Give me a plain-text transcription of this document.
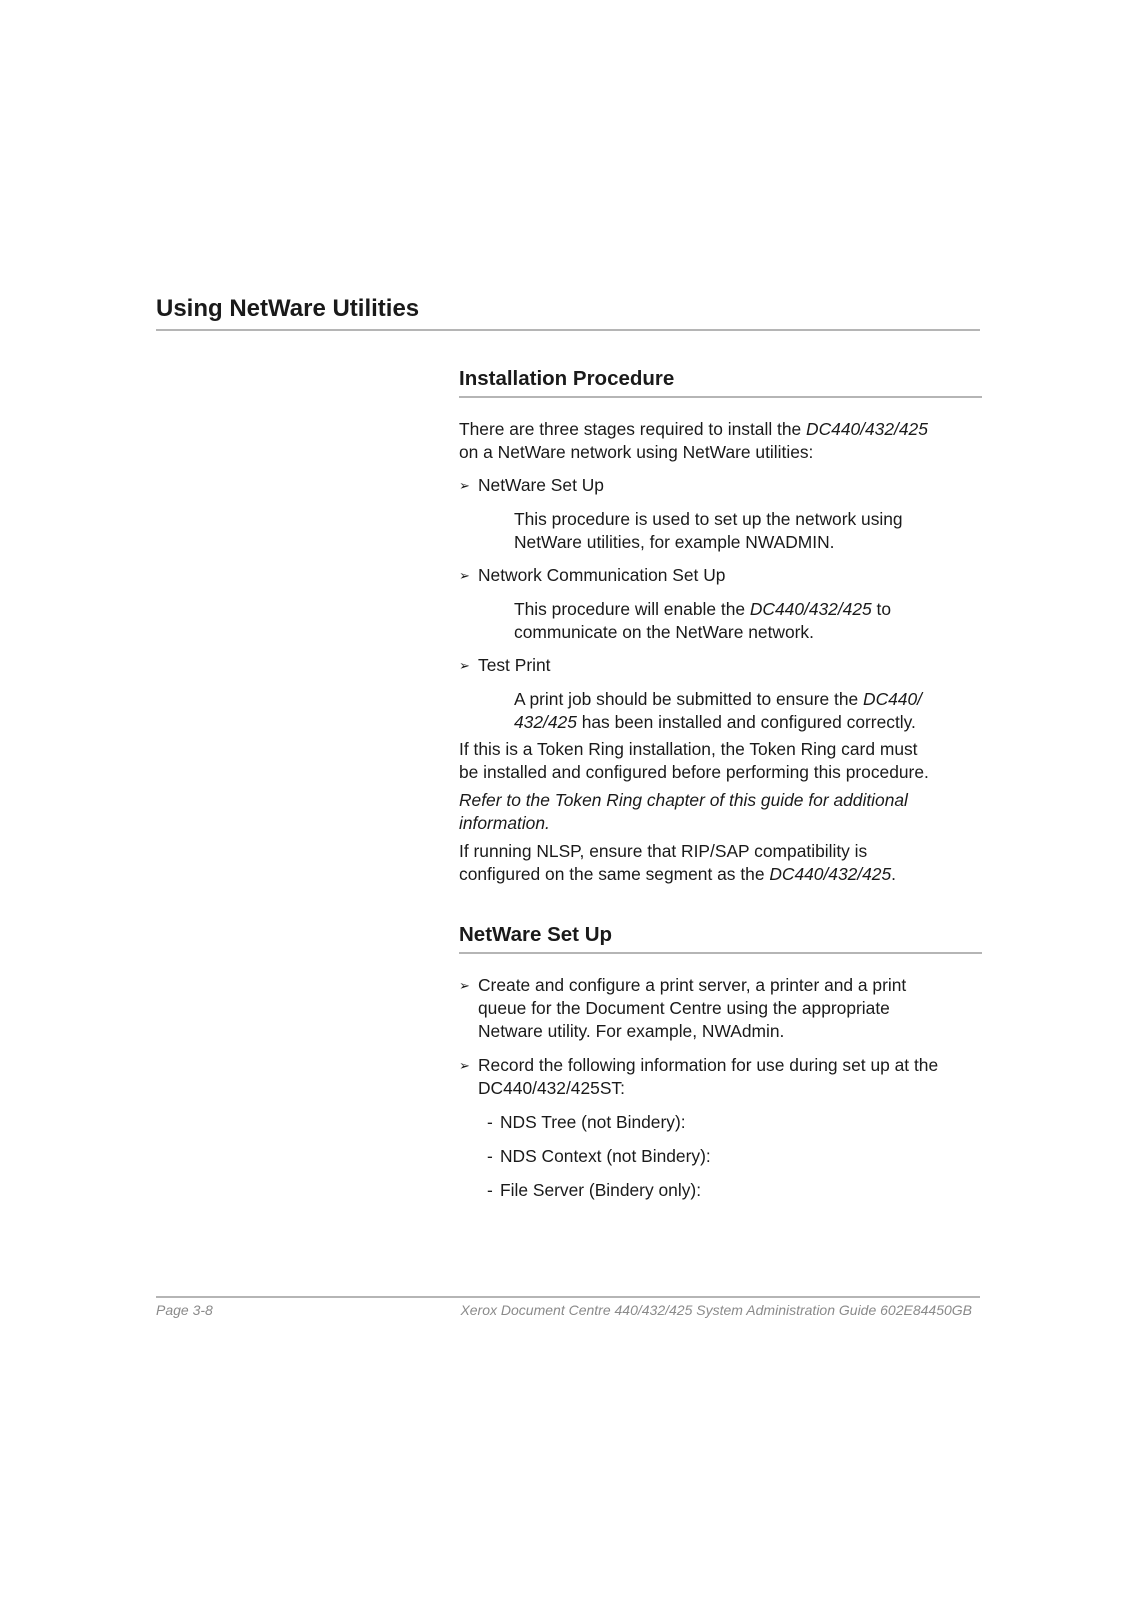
Using NetWare Utilities
Installation Procedure

There are three stages required to install the DC440/432/425
on a NetWare network using NetWare utilities:

➢ NetWare Set Up

This procedure is used to set up the network using
NetWare utilities, for example NWADMIN.

➢ Network Communication Set Up

This procedure will enable the DC440/432/425 to
communicate on the NetWare network.

➢ Test Print

A print job should be submitted to ensure the DC440/
432/425 has been installed and configured correctly.

If this is a Token Ring installation, the Token Ring card must
be installed and configured before performing this procedure.

Refer to the Token Ring chapter of this guide for additional
information.

If running NLSP, ensure that RIP/SAP compatibility is
configured on the same segment as the DC440/432/425.

NetWare Set Up
➢ Create and configure a print server, a printer and a print
queue for the Document Centre using the appropriate
Netware utility. For example, NWAdmin.
➢ Record the following information for use during set up at the
DC440/432/425ST:
- NDS Tree (not Bindery):
- NDS Context (not Bindery):
- File Server (Bindery only):
Page 3-8	Xerox Document Centre 440/432/425 System Administration Guide 602E84450GB
